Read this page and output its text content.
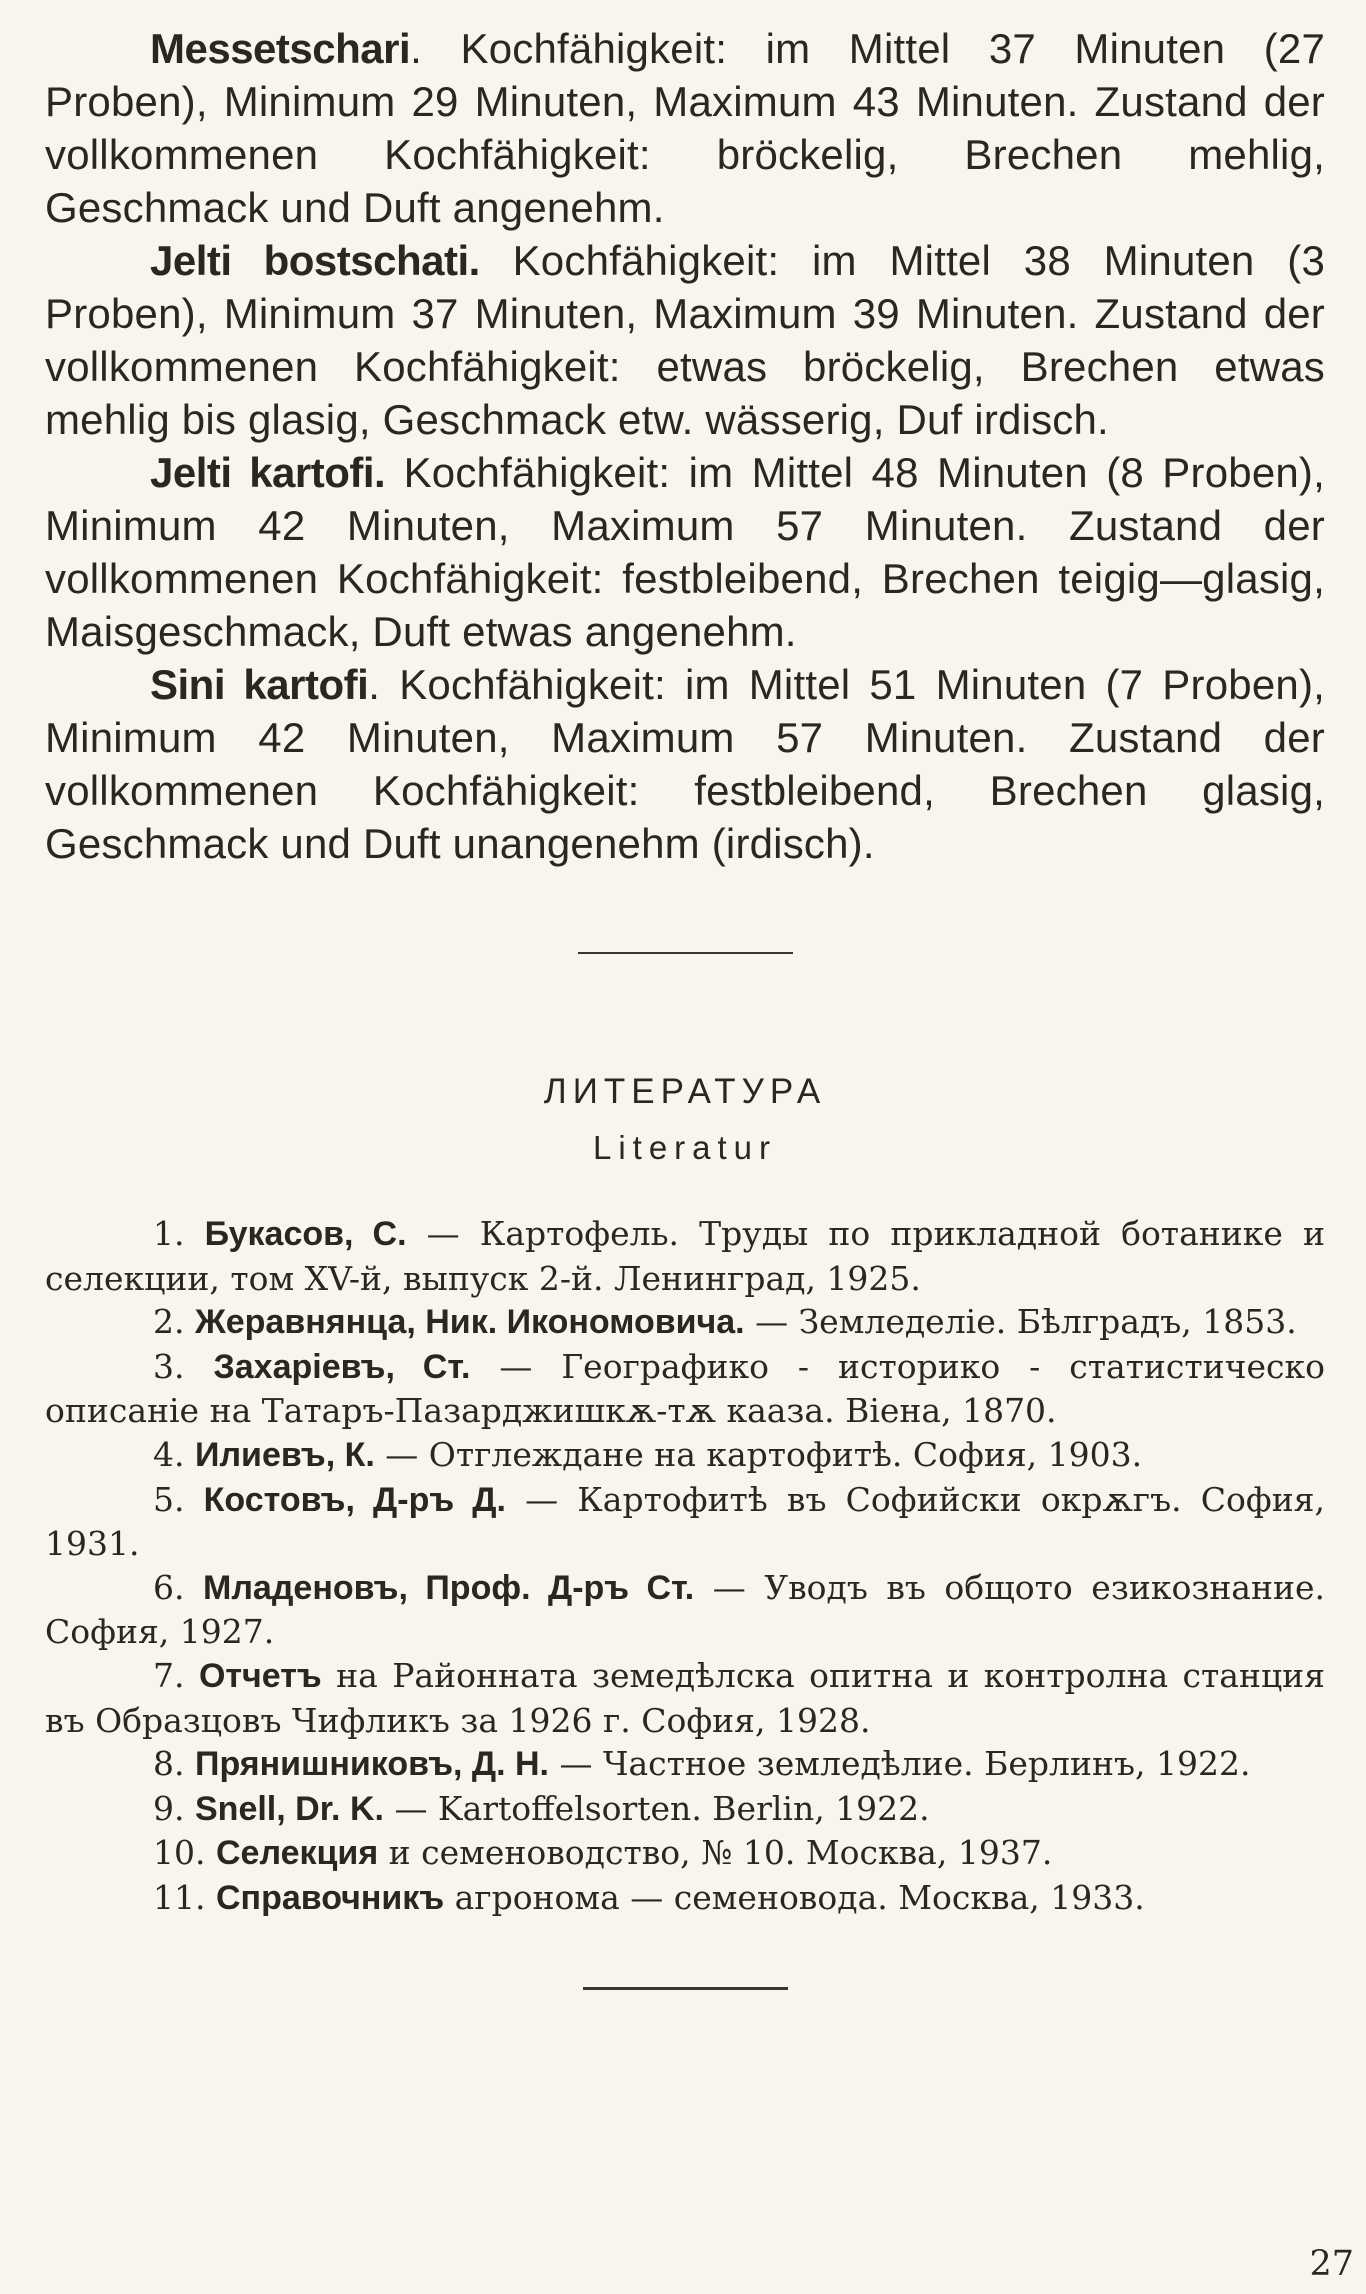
Messetschari. Kochfähigkeit: im Mittel 37 Minuten (27 Proben), Minimum 29 Minuten, Maximum 43 Minuten. Zustand der vollkommenen Kochfähigkeit: bröckelig, Brechen mehlig, Geschmack und Duft angenehm.

Jelti bostschati. Kochfähigkeit: im Mittel 38 Minuten (3 Proben), Minimum 37 Minuten, Maximum 39 Minuten. Zustand der vollkommenen Kochfähigkeit: etwas bröckelig, Brechen etwas mehlig bis glasig, Geschmack etw. wässerig, Duf irdisch.

Jelti kartofi. Kochfähigkeit: im Mittel 48 Minuten (8 Proben), Minimum 42 Minuten, Maximum 57 Minuten. Zustand der vollkommenen Kochfähigkeit: festbleibend, Brechen teigig—glasig, Maisgeschmack, Duft etwas angenehm.

Sini kartofi. Kochfähigkeit: im Mittel 51 Minuten (7 Proben), Minimum 42 Minuten, Maximum 57 Minuten. Zustand der vollkommenen Kochfähigkeit: festbleibend, Brechen glasig, Geschmack und Duft unangenehm (irdisch).

ЛИТЕРАТУРА
Literatur

1. Букасов, С. — Картофель. Труды по прикладной ботанике и селекции, том XV-й, выпуск 2-й. Ленинград, 1925.

2. Жеравнянца, Ник. Икономовича. — Земледеліе. Бѣлградъ, 1853.

3. Захаріевъ, Ст. — Географико - историко - статистическо описаніе на Татаръ-Пазарджишкѫ-тѫ кааза. Віена, 1870.

4. Илиевъ, К. — Отглеждане на картофитѣ. София, 1903.

5. Костовъ, Д-ръ Д. — Картофитѣ въ Софийски окрѫгъ. София, 1931.

6. Младеновъ, Проф. Д-ръ Ст. — Уводъ въ общото езикознание. София, 1927.

7. Отчетъ на Районната земедѣлска опитна и контролна станция въ Образцовъ Чифликъ за 1926 г. София, 1928.

8. Прянишниковъ, Д. Н. — Частное земледѣлие. Берлинъ, 1922.

9. Snell, Dr. K. — Kartoffelsorten. Berlin, 1922.

10. Селекция и семеноводство, № 10. Москва, 1937.

11. Справочникъ агронома — семеновода. Москва, 1933.

27
